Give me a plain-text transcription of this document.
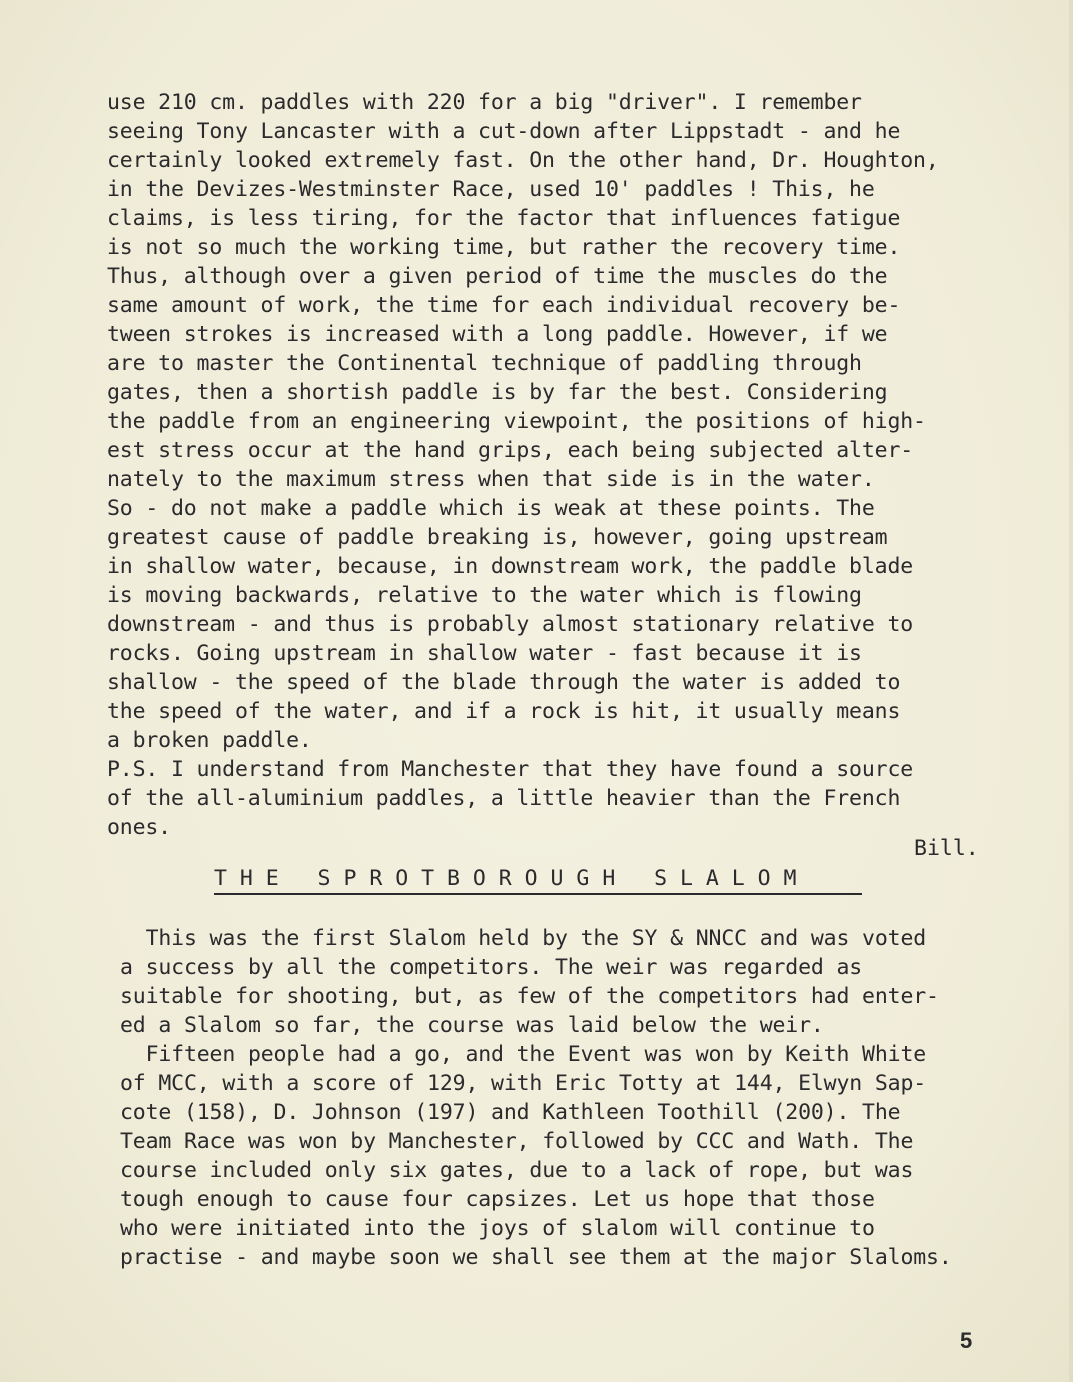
use 210 cm. paddles with 220 for a big "driver". I remember
seeing Tony Lancaster with a cut-down after Lippstadt - and he
certainly looked extremely fast. On the other hand, Dr. Houghton,
in the Devizes-Westminster Race, used 10' paddles ! This, he
claims, is less tiring, for the factor that influences fatigue
is not so much the working time, but rather the recovery time.
Thus, although over a given period of time the muscles do the
same amount of work, the time for each individual recovery be-
tween strokes is increased with a long paddle. However, if we
are to master the Continental technique of paddling through
gates, then a shortish paddle is by far the best. Considering
the paddle from an engineering viewpoint, the positions of high-
est stress occur at the hand grips, each being subjected alter-
nately to the maximum stress when that side is in the water.
So - do not make a paddle which is weak at these points. The
greatest cause of paddle breaking is, however, going upstream
in shallow water, because, in downstream work, the paddle blade
is moving backwards, relative to the water which is flowing
downstream - and thus is probably almost stationary relative to
rocks. Going upstream in shallow water - fast because it is
shallow - the speed of the blade through the water is added to
the speed of the water, and if a rock is hit, it usually means
a broken paddle.
P.S. I understand from Manchester that they have found a source
of the all-aluminium paddles, a little heavier than the French
ones.
Bill.
T H E   S P R O T B O R O U G H   S L A L O M
This was the first Slalom held by the SY & NNCC and was voted
a success by all the competitors. The weir was regarded as
suitable for shooting, but, as few of the competitors had enter-
ed a Slalom so far, the course was laid below the weir.
Fifteen people had a go, and the Event was won by Keith White
of MCC, with a score of 129, with Eric Totty at 144, Elwyn Sap-
cote (158), D. Johnson (197) and Kathleen Toothill (200). The
Team Race was won by Manchester, followed by CCC and Wath. The
course included only six gates, due to a lack of rope, but was
tough enough to cause four capsizes. Let us hope that those
who were initiated into the joys of slalom will continue to
practise - and maybe soon we shall see them at the major Slaloms.
5
